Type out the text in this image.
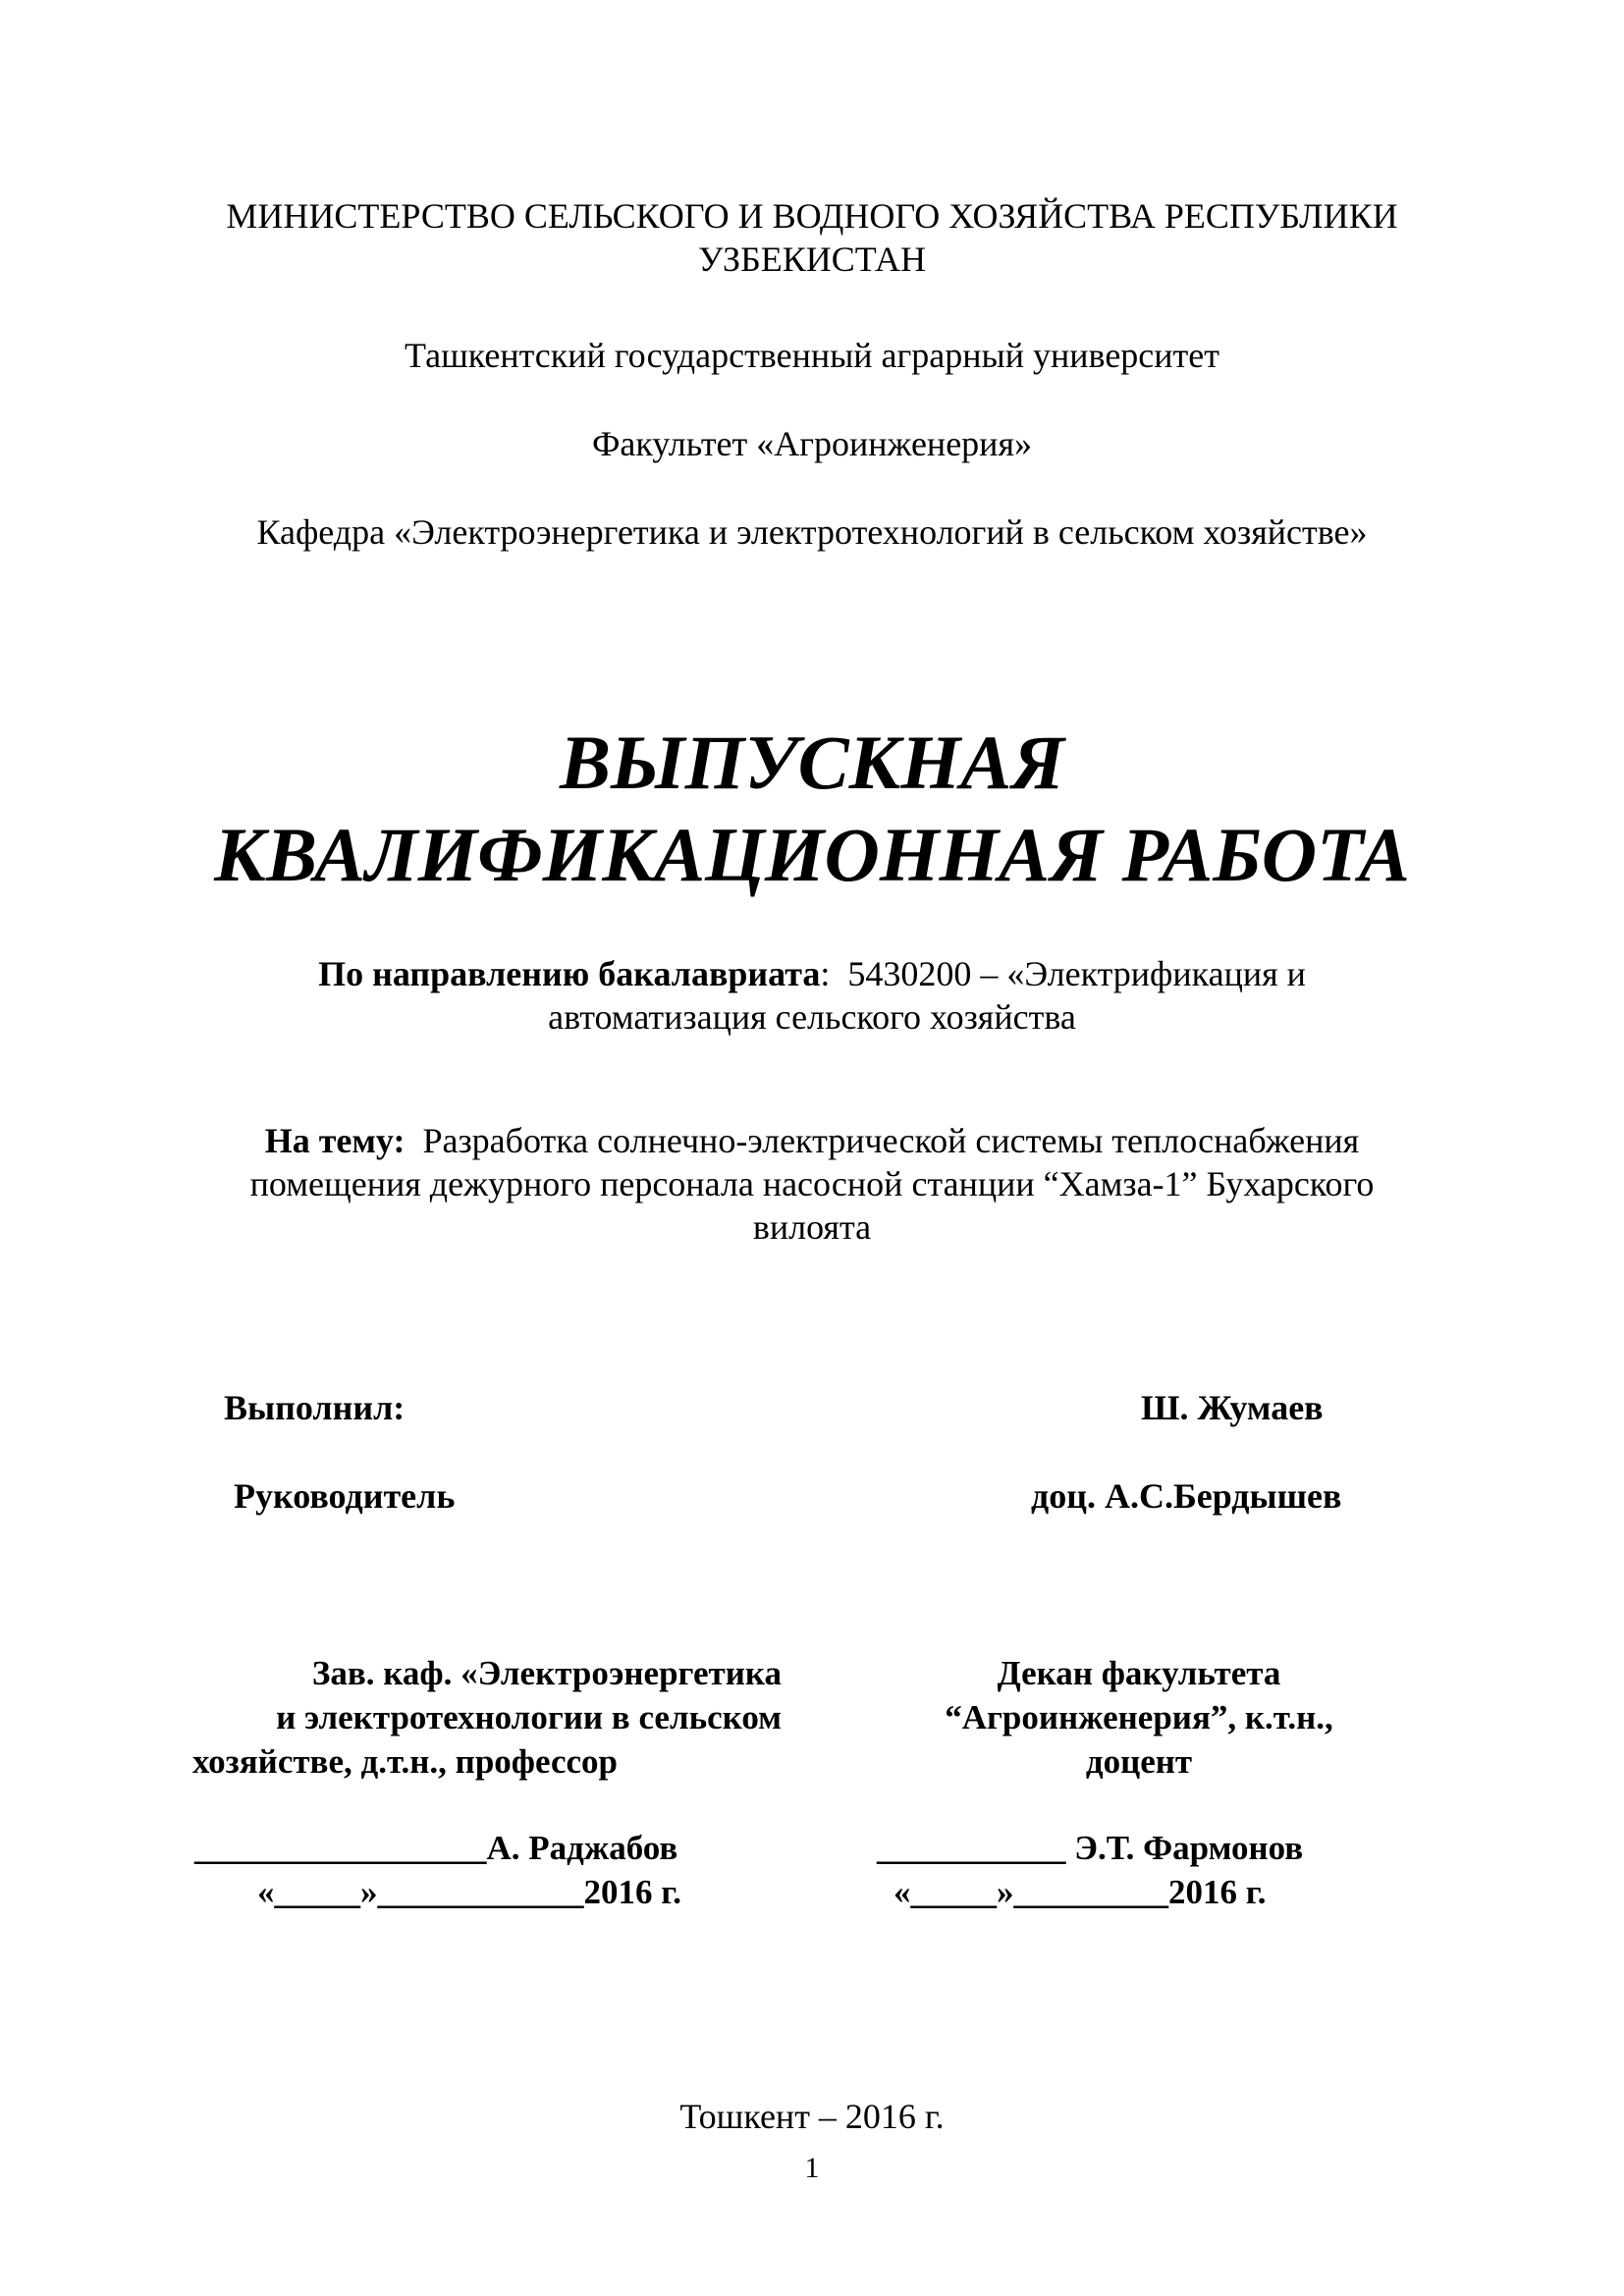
МИНИСТЕРСТВО СЕЛЬСКОГО И ВОДНОГО ХОЗЯЙСТВА РЕСПУБЛИКИ
УЗБЕКИСТАН
Ташкентский государственный аграрный университет
Факультет «Агроинженерия»
Кафедра «Электроэнергетика и электротехнологий в сельском хозяйстве»
ВЫПУСКНАЯ
КВАЛИФИКАЦИОННАЯ РАБОТА
По направлению бакалавриата:  5430200 – «Электрификация и
автоматизация сельского хозяйства
На тему:  Разработка солнечно-электрической системы теплоснабжения
помещения дежурного персонала насосной станции “Хамза-1” Бухарского
вилоята
Выполнил:	Ш. Жумаев
Руководитель	доц. А.С.Бердышев
Зав. каф. «Электроэнергетика
и электротехнологии в сельском
хозяйстве, д.т.н., профессор
_________________А. Раджабов
«_____»____________2016 г.
Декан факультета
“Агроинженерия”, к.т.н.,
доцент
___________ Э.Т. Фармонов
«_____»_________2016 г.
Тошкент – 2016 г.
1
